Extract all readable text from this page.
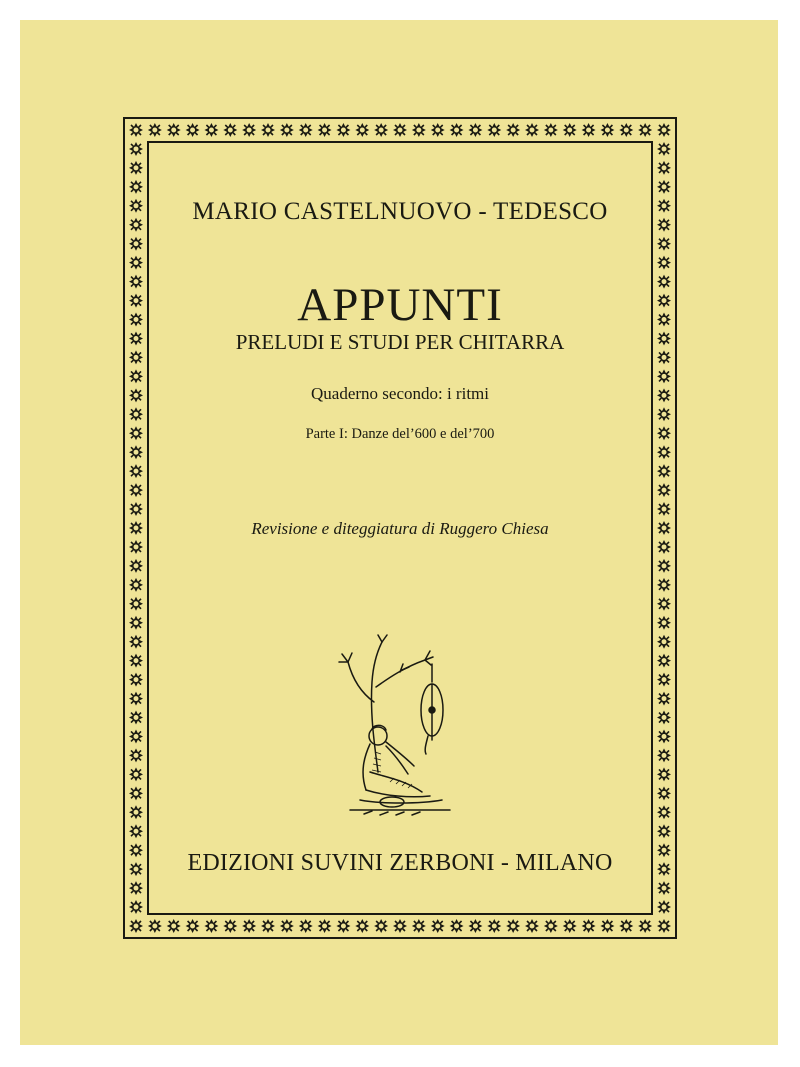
MARIO CASTELNUOVO - TEDESCO
APPUNTI
PRELUDI E STUDI PER CHITARRA
Quaderno secondo: i ritmi
Parte I: Danze del’600 e del’700
Revisione e diteggiatura di Ruggero Chiesa
EDIZIONI SUVINI ZERBONI - MILANO
